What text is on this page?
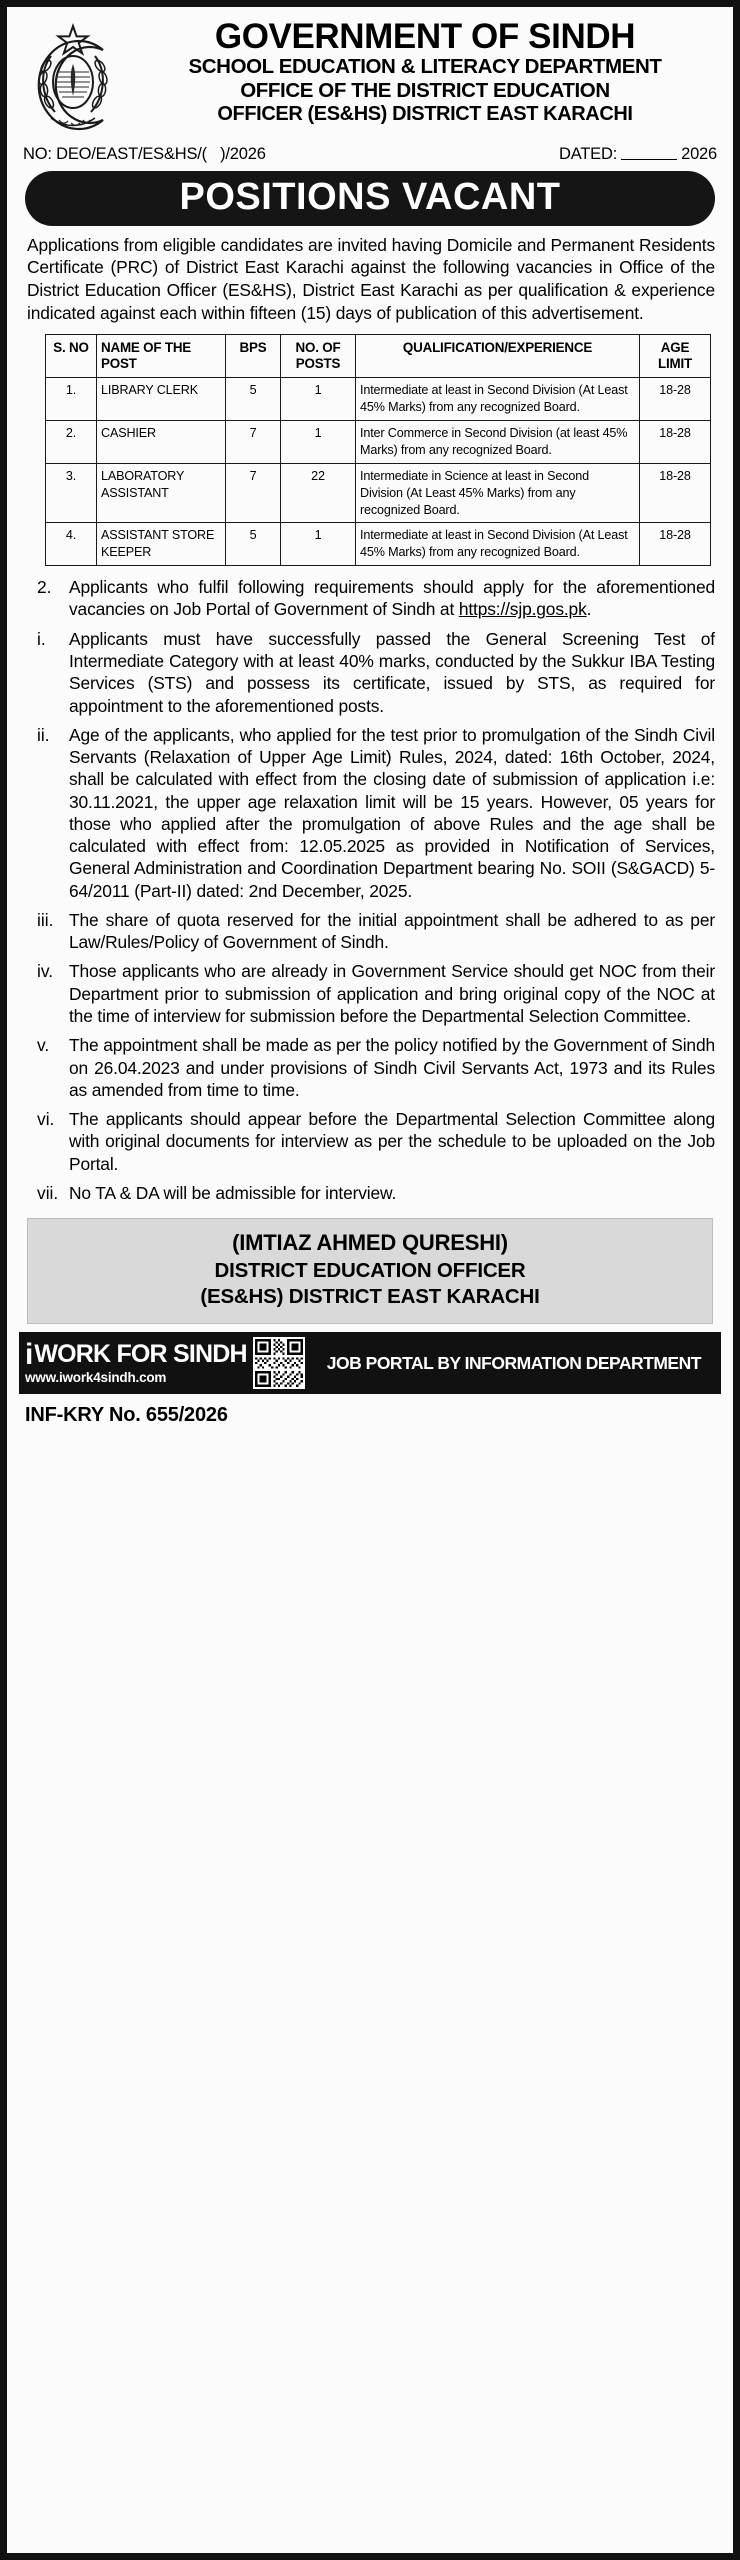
GOVERNMENT OF SINDH
SCHOOL EDUCATION & LITERACY DEPARTMENT
OFFICE OF THE DISTRICT EDUCATION
OFFICER (ES&HS) DISTRICT EAST KARACHI
NO: DEO/EAST/ES&HS/(   )/2026	DATED:	2026
POSITIONS VACANT
Applications from eligible candidates are invited having Domicile and Permanent Residents Certificate (PRC) of District East Karachi against the following vacancies in Office of the District Education Officer (ES&HS), District East Karachi as per qualification & experience indicated against each within fifteen (15) days of publication of this advertisement.
S. NO	NAME OF THE POST	BPS	NO. OF POSTS	QUALIFICATION/EXPERIENCE	AGE LIMIT
1.	LIBRARY CLERK	5	1	Intermediate at least in Second Division (At Least 45% Marks) from any recognized Board.	18-28
2.	CASHIER	7	1	Inter Commerce in Second Division (at least 45% Marks) from any recognized Board.	18-28
3.	LABORATORY ASSISTANT	7	22	Intermediate in Science at least in Second Division (At Least 45% Marks) from any recognized Board.	18-28
4.	ASSISTANT STORE KEEPER	5	1	Intermediate at least in Second Division (At Least 45% Marks) from any recognized Board.	18-28
2.	Applicants who fulfil following requirements should apply for the aforementioned vacancies on Job Portal of Government of Sindh at https://sjp.gos.pk.
i.	Applicants must have successfully passed the General Screening Test of Intermediate Category with at least 40% marks, conducted by the Sukkur IBA Testing Services (STS) and possess its certificate, issued by STS, as required for appointment to the aforementioned posts.
ii.	Age of the applicants, who applied for the test prior to promulgation of the Sindh Civil Servants (Relaxation of Upper Age Limit) Rules, 2024, dated: 16th October, 2024, shall be calculated with effect from the closing date of submission of application i.e: 30.11.2021, the upper age relaxation limit will be 15 years. However, 05 years for those who applied after the promulgation of above Rules and the age shall be calculated with effect from: 12.05.2025 as provided in Notification of Services, General Administration and Coordination Department bearing No. SOII (S&GACD) 5-64/2011 (Part-II) dated: 2nd December, 2025.
iii. The share of quota reserved for the initial appointment shall be adhered to as per Law/Rules/Policy of Government of Sindh.
iv. Those applicants who are already in Government Service should get NOC from their Department prior to submission of application and bring original copy of the NOC at the time of interview for submission before the Departmental Selection Committee.
v.	The appointment shall be made as per the policy notified by the Government of Sindh on 26.04.2023 and under provisions of Sindh Civil Servants Act, 1973 and its Rules as amended from time to time.
vi. The applicants should appear before the Departmental Selection Committee along with original documents for interview as per the schedule to be uploaded on the Job Portal.
vii. No TA & DA will be admissible for interview.
(IMTIAZ AHMED QURESHI)
DISTRICT EDUCATION OFFICER
(ES&HS) DISTRICT EAST KARACHI
i WORK FOR SINDH
www.iwork4sindh.com
JOB PORTAL BY INFORMATION DEPARTMENT
INF-KRY No. 655/2026
